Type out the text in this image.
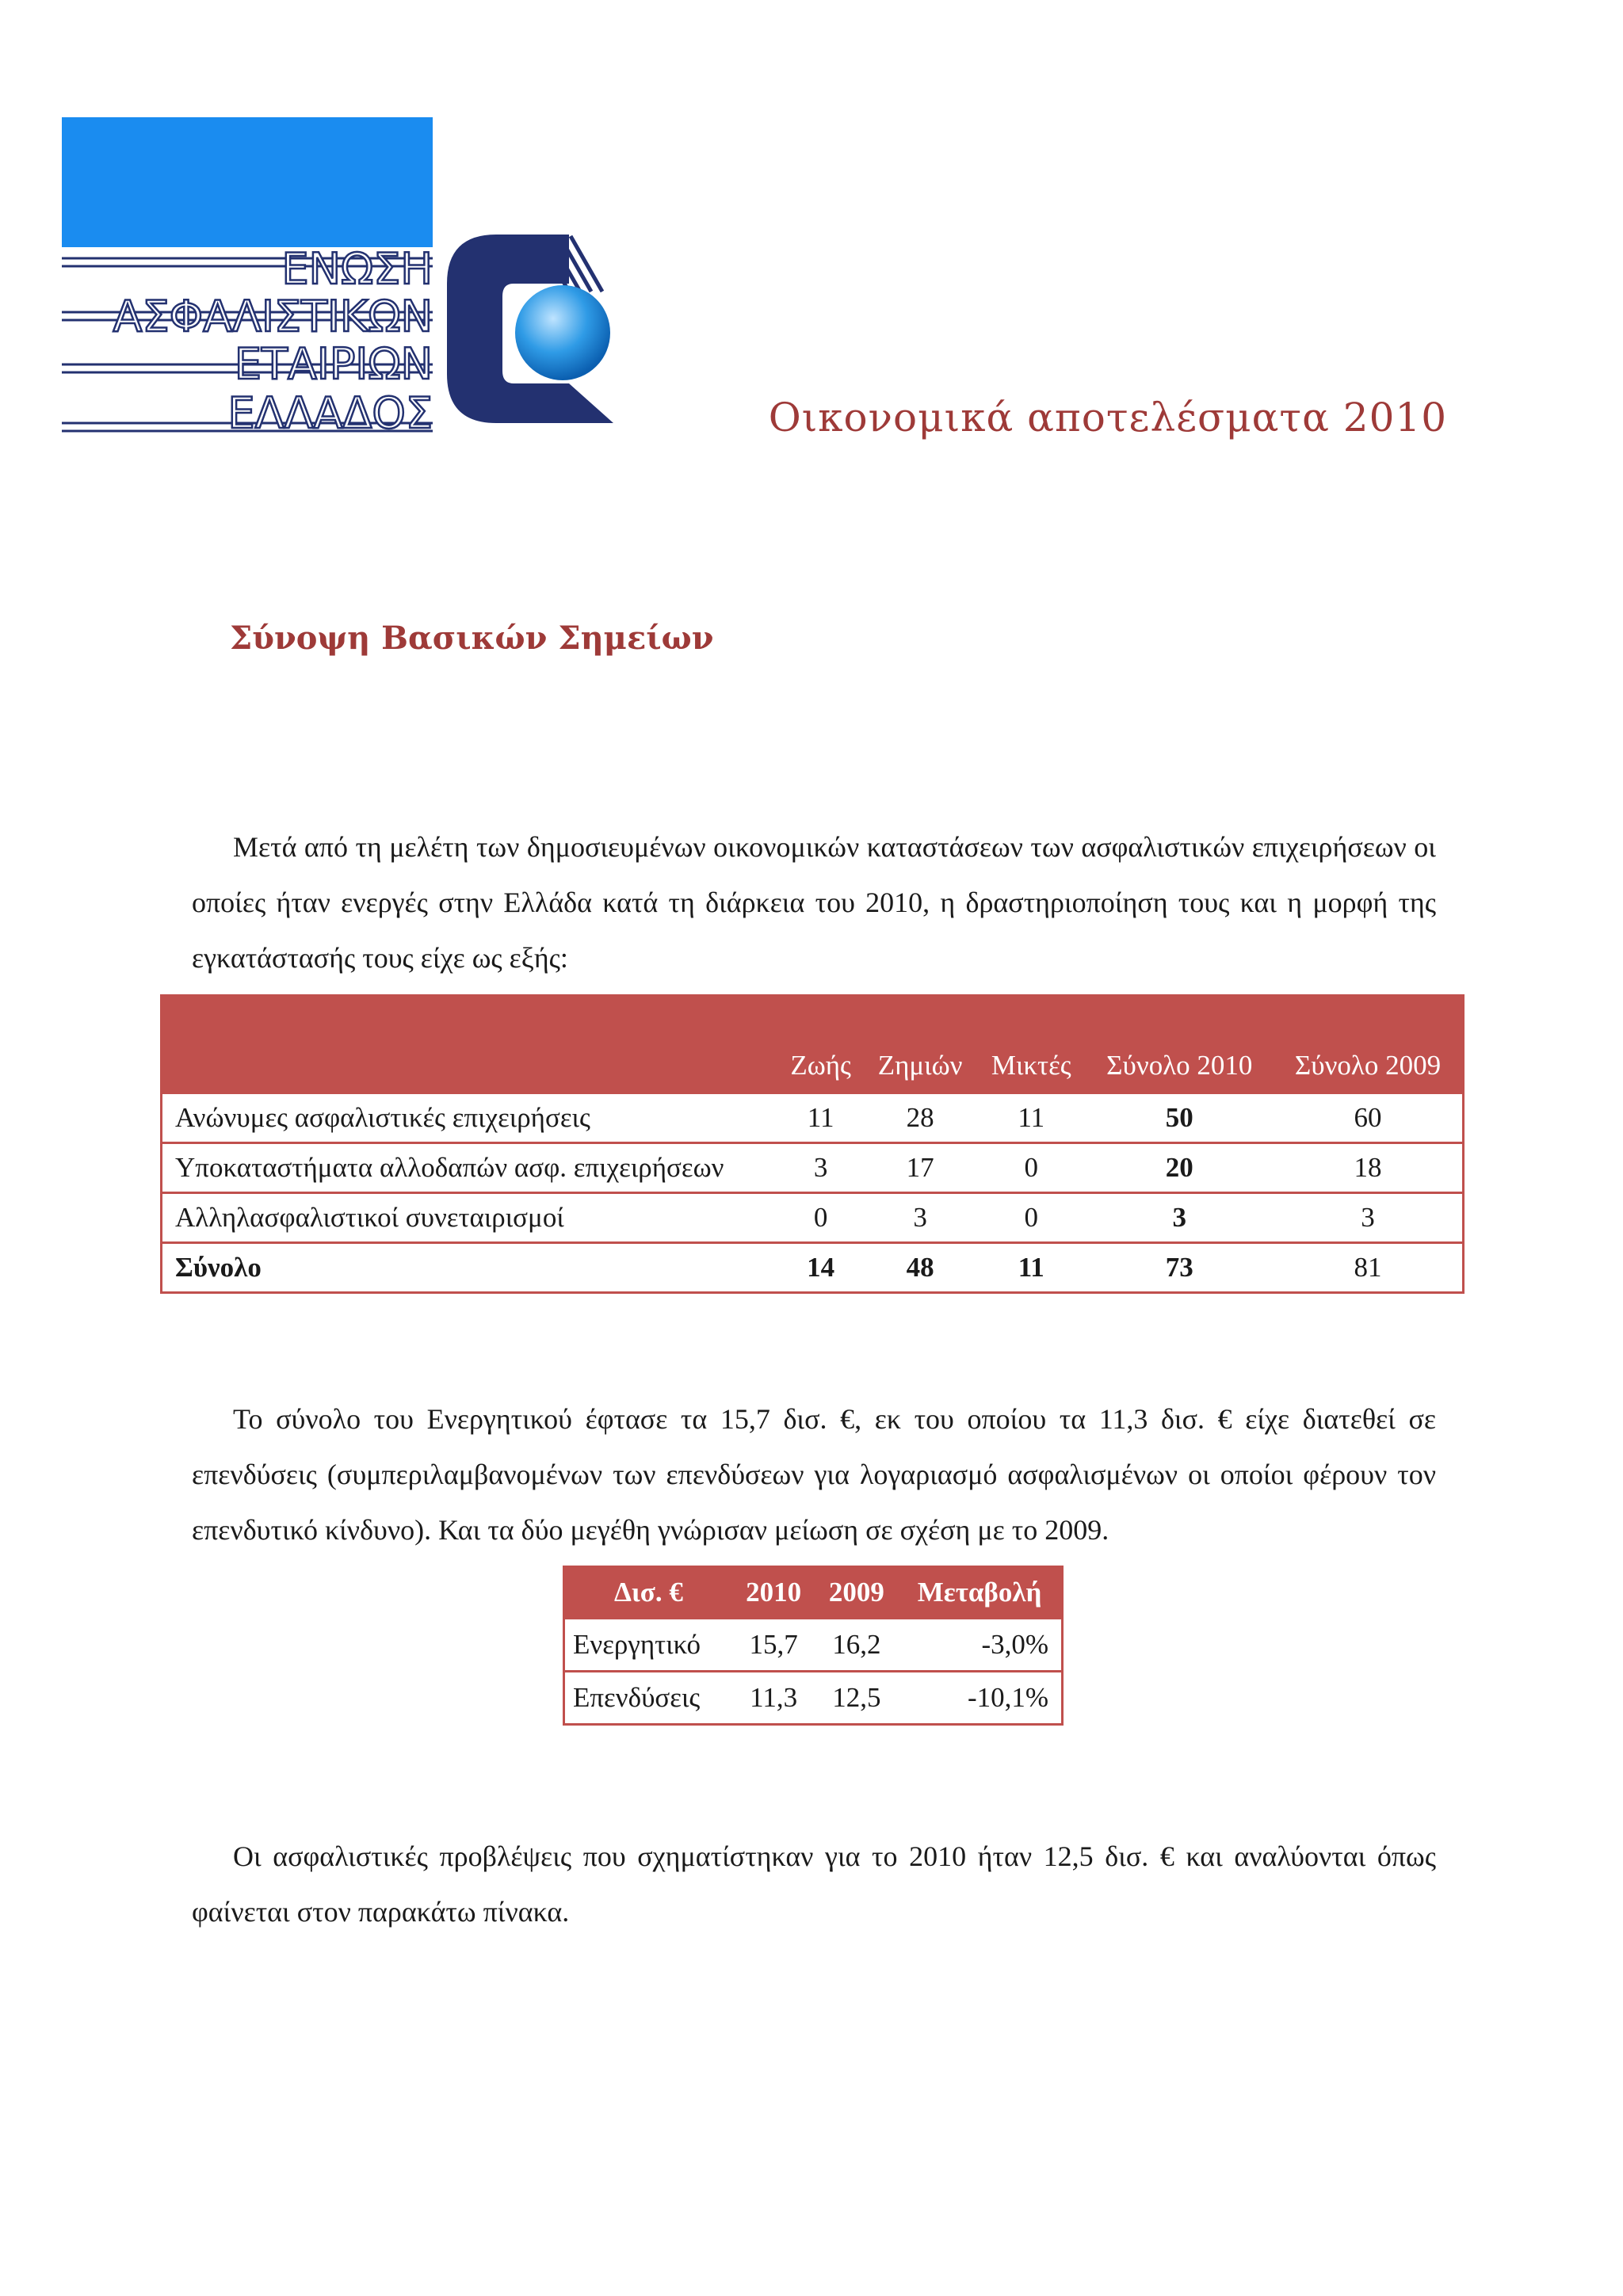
ΕΝΩΣΗ
ΑΣΦΑΛΙΣΤΙΚΩΝ
ΕΤΑΙΡΙΩΝ
ΕΛΛΑΔΟΣ	Οικονομικά αποτελέσματα 2010
Σύνοψη Βασικών Σημείων

Μετά από τη μελέτη των δημοσιευμένων οικονομικών καταστάσεων των ασφαλιστικών επιχειρήσεων οι οποίες ήταν ενεργές στην Ελλάδα κατά τη διάρκεια του 2010, η δραστηριοποίηση τους και η μορφή της εγκατάστασής τους είχε ως εξής:

	Ζωής	Ζημιών	Μικτές	Σύνολο 2010	Σύνολο 2009
Ανώνυμες ασφαλιστικές επιχειρήσεις	11	28	11	50	60
Υποκαταστήματα αλλοδαπών ασφ. επιχειρήσεων	3	17	0	20	18
Αλληλασφαλιστικοί συνεταιρισμοί	0	3	0	3	3
Σύνολο	14	48	11	73	81

Το σύνολο του Ενεργητικού έφτασε τα 15,7 δισ. €, εκ του οποίου τα 11,3 δισ. € είχε διατεθεί σε επενδύσεις (συμπεριλαμβανομένων των επενδύσεων για λογαριασμό ασφαλισμένων οι οποίοι φέρουν τον επενδυτικό κίνδυνο). Και τα δύο μεγέθη γνώρισαν μείωση σε σχέση με το 2009.

Δισ. €	2010	2009	Μεταβολή
Ενεργητικό	15,7	16,2	-3,0%
Επενδύσεις	11,3	12,5	-10,1%

Οι ασφαλιστικές προβλέψεις που σχηματίστηκαν για το 2010 ήταν 12,5 δισ. € και αναλύονται όπως φαίνεται στον παρακάτω πίνακα.
